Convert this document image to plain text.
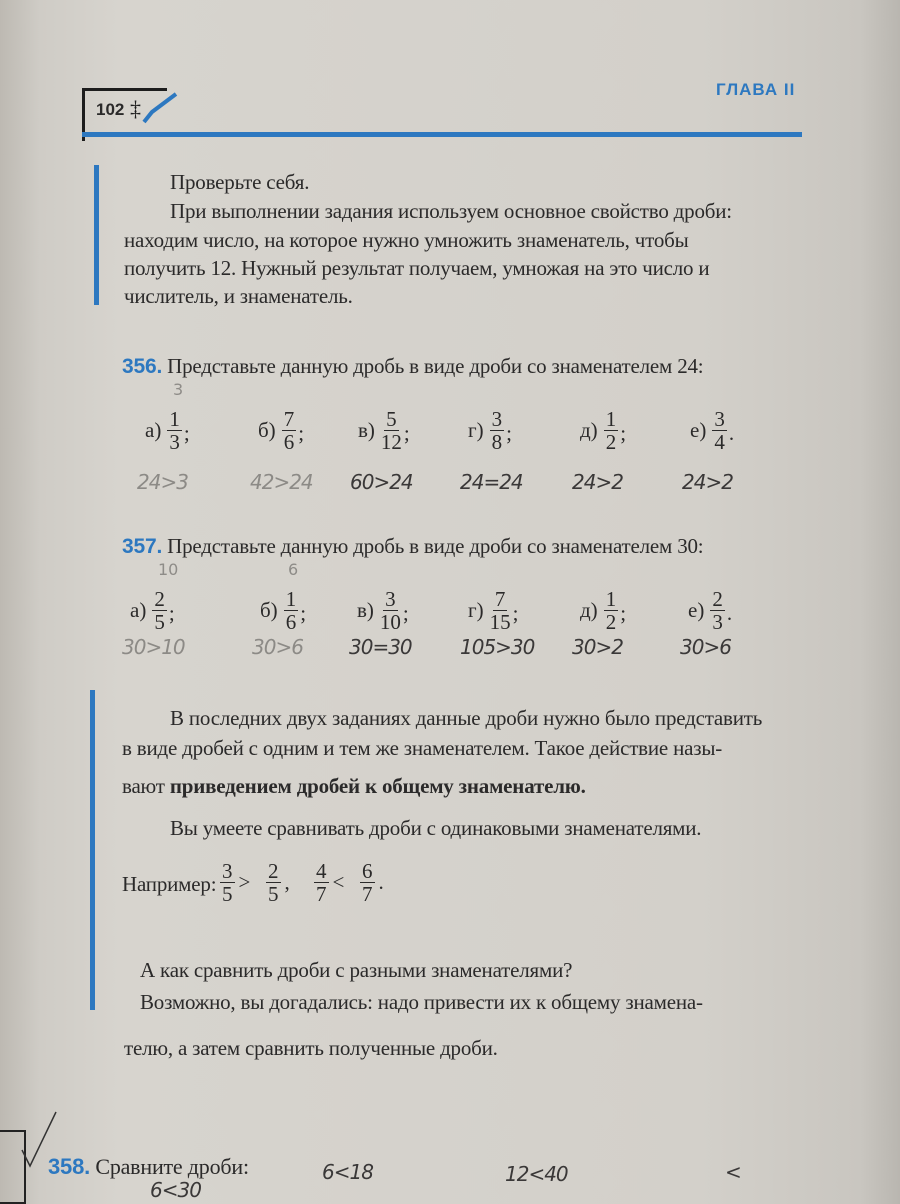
102 ‡
ГЛАВА II
Проверьте себя.
При выполнении задания используем основное свойство дроби:
находим число, на которое нужно умножить знаменатель, чтобы
получить 12. Нужный результат получаем, умножая на это число и
числитель, и знаменатель.
356. Представьте данную дробь в виде дроби со знаменателем 24:
$а) \frac{1}{3}$ ;
24>3
3
$б) \frac{7}{6}$ ;
42>24
$в) \frac{5}{12}$ ;
60>24
$г) \frac{3}{8}$ ;
24=24
$д) \frac{1}{2}$ ;
24>2
$е) \frac{3}{4}$ .
24>2
357. Представьте данную дробь в виде дроби со знаменателем 30:
$а) \frac{2}{5}$ ;
30>10
10
$б) \frac{1}{6}$ ;
30>6
6
$в) \frac{3}{10}$ ;
30=30
$г) \frac{7}{15}$ ;
105>30
$д) \frac{1}{2}$ ;
30>2
$е) \frac{2}{3}$ .
30>6
В последних двух заданиях данные дроби нужно было представить
в виде дробей с одним и тем же знаменателем. Такое действие назы-
вают приведением дробей к общему знаменателю.
Вы умеете сравнивать дроби с одинаковыми знаменателями.
Например: $\frac{3}{5} > \frac{2}{5}$ , $\frac{4}{7} < \frac{6}{7}$ .
А как сравнить дроби с разными знаменателями?
Возможно, вы догадались: надо привести их к общему знамена-
телю, а затем сравнить полученные дроби.
358. Сравните дроби:
6<30
6<18	12<40	<
